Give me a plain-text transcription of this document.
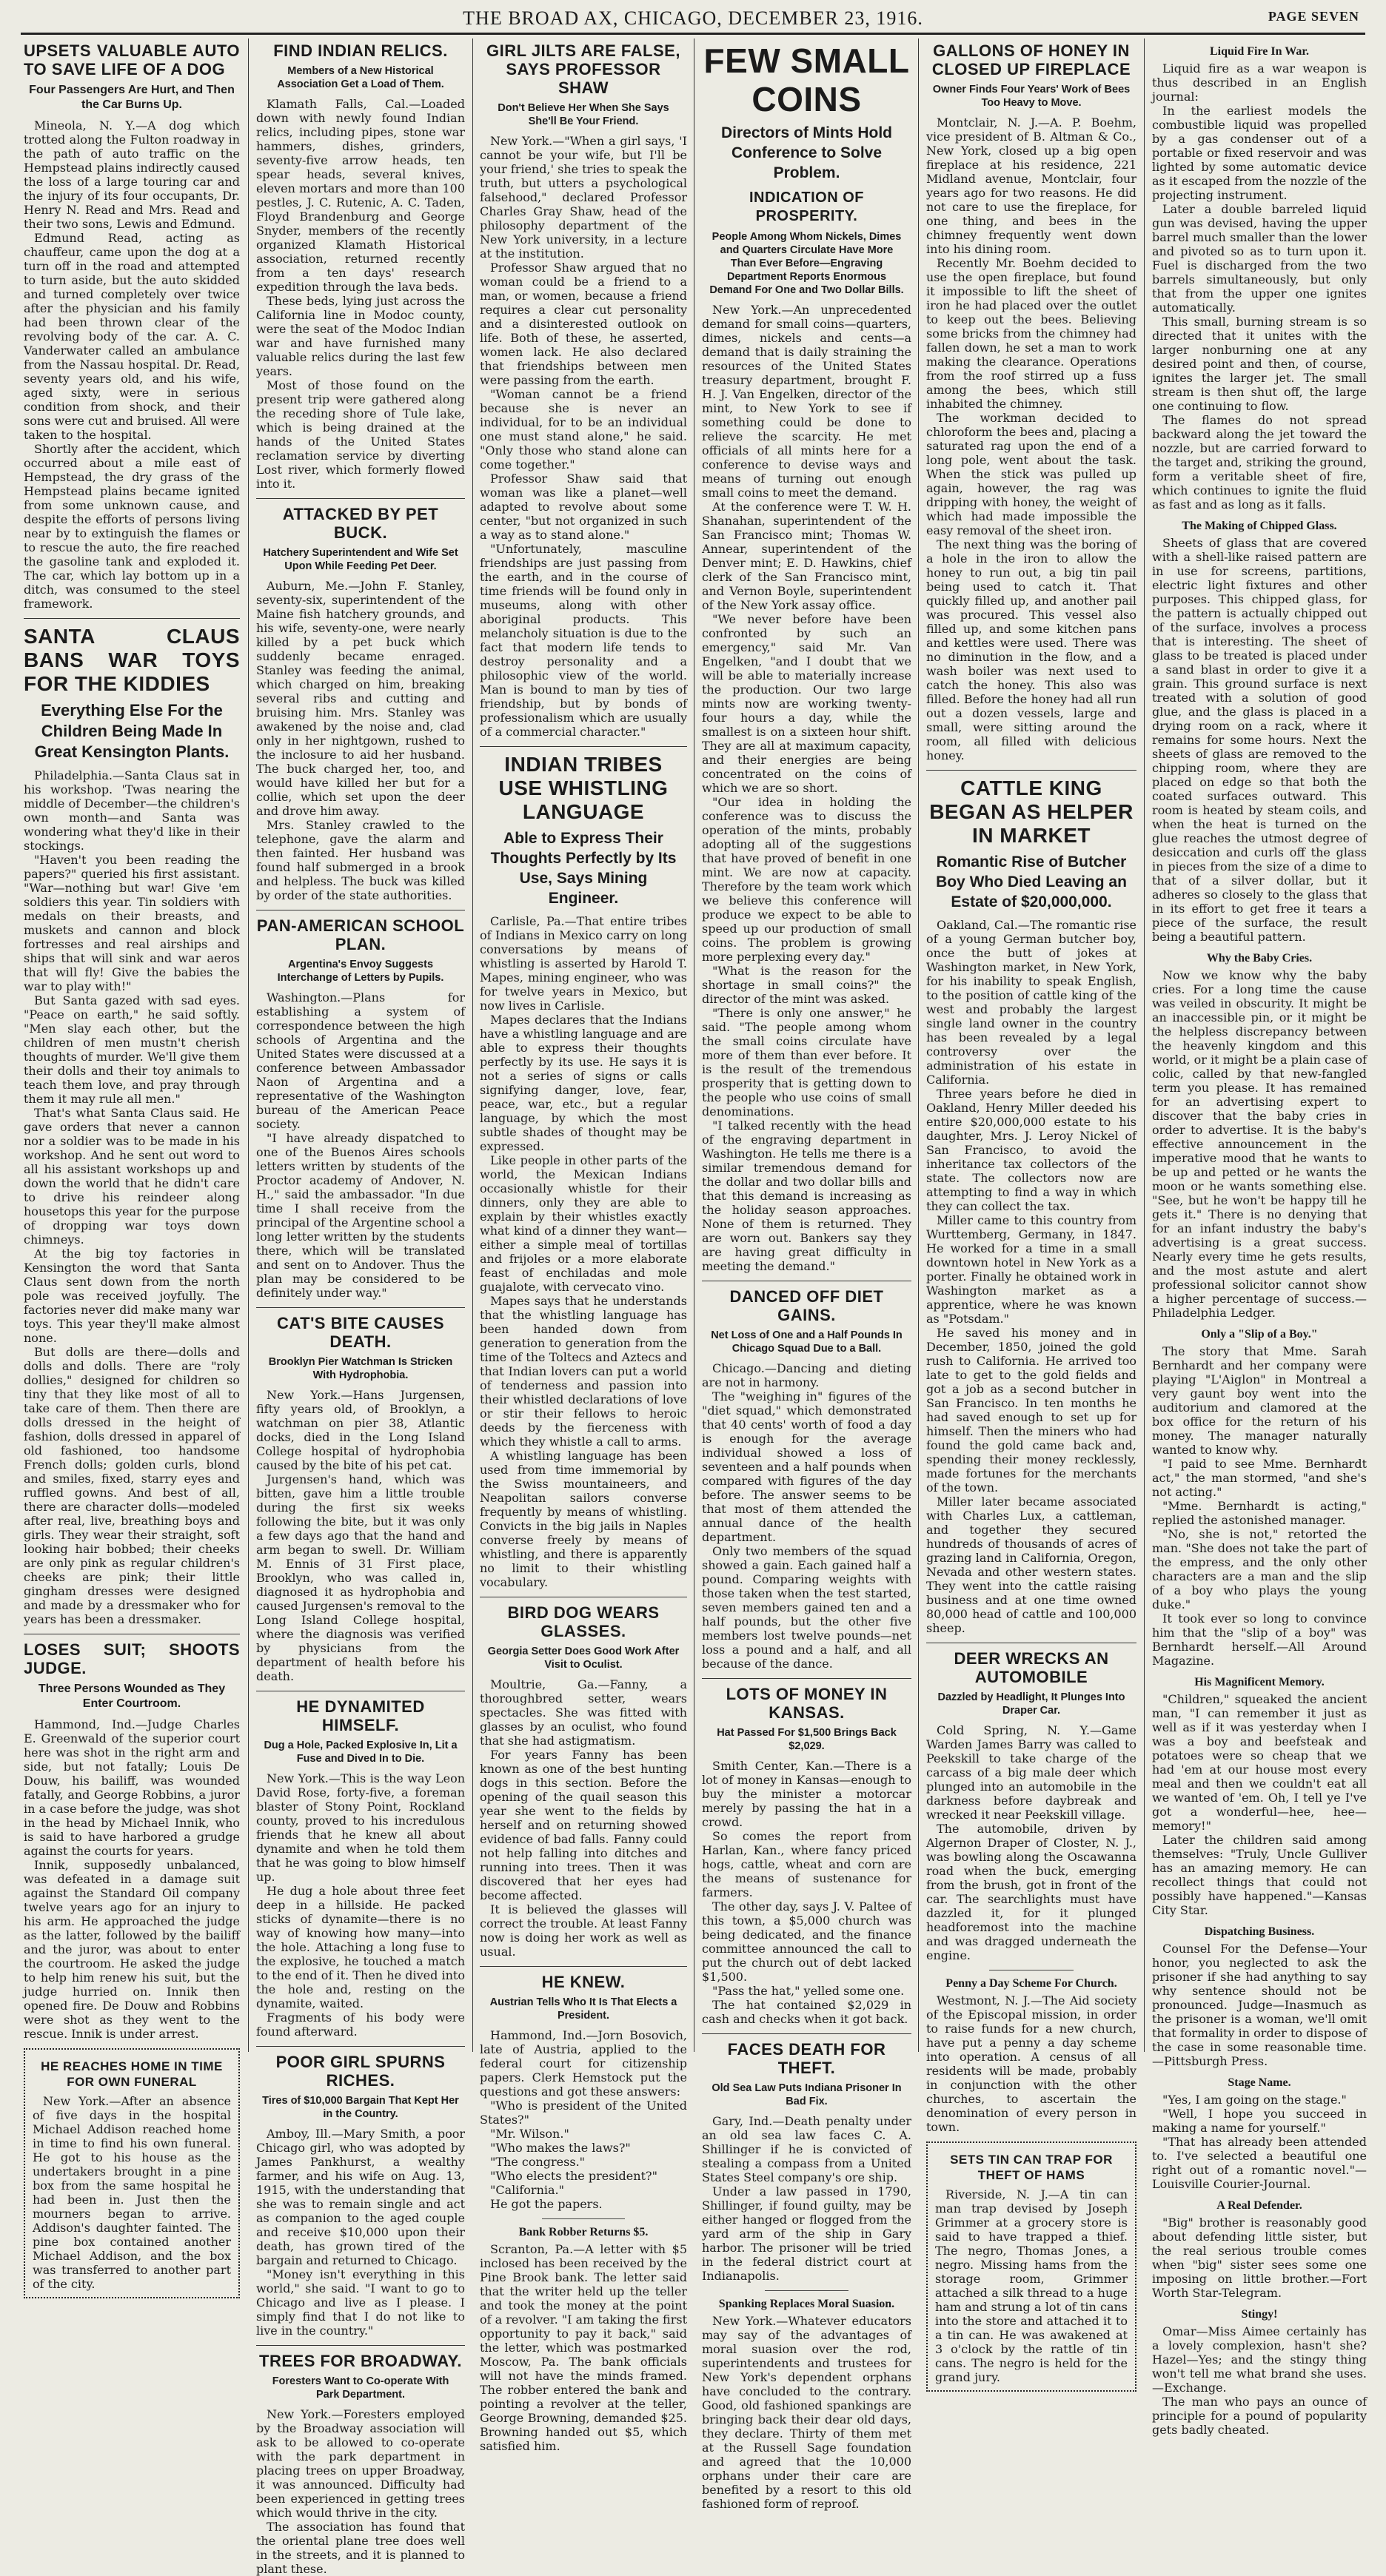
THE BROAD AX, CHICAGO, DECEMBER 23, 1916.	PAGE SEVEN
UPSETS VALUABLE AUTO TO SAVE LIFE OF A DOG
Four Passengers Are Hurt, and Then the Car Burns Up.

Mineola, N. Y.—A dog which trotted along the Fulton roadway in the path of auto traffic on the Hempstead plains indirectly caused the loss of a large touring car and the injury of its four occupants, Dr. Henry N. Read and Mrs. Read and their two sons, Lewis and Edmund.

Edmund Read, acting as chauffeur, came upon the dog at a turn off in the road and attempted to turn aside, but the auto skidded and turned completely over twice after the physician and his family had been thrown clear of the revolving body of the car. A. C. Vanderwater called an ambulance from the Nassau hospital. Dr. Read, seventy years old, and his wife, aged sixty, were in serious condition from shock, and their sons were cut and bruised. All were taken to the hospital.

Shortly after the accident, which occurred about a mile east of Hempstead, the dry grass of the Hempstead plains became ignited from some unknown cause, and despite the efforts of persons living near by to extinguish the flames or to rescue the auto, the fire reached the gasoline tank and exploded it. The car, which lay bottom up in a ditch, was consumed to the steel framework.

SANTA CLAUS BANS WAR TOYS FOR THE KIDDIES
Everything Else For the Children Being Made In Great Kensington Plants.

Philadelphia.—Santa Claus sat in his workshop. 'Twas nearing the middle of December—the children's own month—and Santa was wondering what they'd like in their stockings.

"Haven't you been reading the papers?" queried his first assistant. "War—nothing but war! Give 'em soldiers this year. Tin soldiers with medals on their breasts, and muskets and cannon and block fortresses and real airships and ships that will sink and war aeros that will fly! Give the babies the war to play with!"

But Santa gazed with sad eyes. "Peace on earth," he said softly. "Men slay each other, but the children of men mustn't cherish thoughts of murder. We'll give them their dolls and their toy animals to teach them love, and pray through them it may rule all men."

That's what Santa Claus said. He gave orders that never a cannon nor a soldier was to be made in his workshop. And he sent out word to all his assistant workshops up and down the world that he didn't care to drive his reindeer along housetops this year for the purpose of dropping war toys down chimneys.

At the big toy factories in Kensington the word that Santa Claus sent down from the north pole was received joyfully. The factories never did make many war toys. This year they'll make almost none.

But dolls are there—dolls and dolls and dolls. There are "roly dollies," designed for children so tiny that they like most of all to take care of them. Then there are dolls dressed in the height of fashion, dolls dressed in apparel of old fashioned, too handsome French dolls; golden curls, blond and smiles, fixed, starry eyes and ruffled gowns. And best of all, there are character dolls—modeled after real, live, breathing boys and girls. They wear their straight, soft looking hair bobbed; their cheeks are only pink as regular children's cheeks are pink; their little gingham dresses were designed and made by a dressmaker who for years has been a dressmaker.

LOSES SUIT; SHOOTS JUDGE.
Three Persons Wounded as They Enter Courtroom.

Hammond, Ind.—Judge Charles E. Greenwald of the superior court here was shot in the right arm and side, but not fatally; Louis De Douw, his bailiff, was wounded fatally, and George Robbins, a juror in a case before the judge, was shot in the head by Michael Innik, who is said to have harbored a grudge against the courts for years.

Innik, supposedly unbalanced, was defeated in a damage suit against the Standard Oil company twelve years ago for an injury to his arm. He approached the judge as the latter, followed by the bailiff and the juror, was about to enter the courtroom. He asked the judge to help him renew his suit, but the judge hurried on. Innik then opened fire. De Douw and Robbins were shot as they went to the rescue. Innik is under arrest.

HE REACHES HOME IN TIME FOR OWN FUNERAL

New York.—After an absence of five days in the hospital Michael Addison reached home in time to find his own funeral. He got to his house as the undertakers brought in a pine box from the same hospital he had been in. Just then the mourners began to arrive. Addison's daughter fainted. The pine box contained another Michael Addison, and the box was transferred to another part of the city.

FIND INDIAN RELICS.
Members of a New Historical Association Get a Load of Them.

Klamath Falls, Cal.—Loaded down with newly found Indian relics, including pipes, stone war hammers, dishes, grinders, seventy-five arrow heads, ten spear heads, several knives, eleven mortars and more than 100 pestles, J. C. Rutenic, A. C. Taden, Floyd Brandenburg and George Snyder, members of the recently organized Klamath Historical association, returned recently from a ten days' research expedition through the lava beds.

These beds, lying just across the California line in Modoc county, were the seat of the Modoc Indian war and have furnished many valuable relics during the last few years.

Most of those found on the present trip were gathered along the receding shore of Tule lake, which is being drained at the hands of the United States reclamation service by diverting Lost river, which formerly flowed into it.

ATTACKED BY PET BUCK.
Hatchery Superintendent and Wife Set Upon While Feeding Pet Deer.

Auburn, Me.—John F. Stanley, seventy-six, superintendent of the Maine fish hatchery grounds, and his wife, seventy-one, were nearly killed by a pet buck which suddenly became enraged. Stanley was feeding the animal, which charged on him, breaking several ribs and cutting and bruising him. Mrs. Stanley was awakened by the noise and, clad only in her nightgown, rushed to the inclosure to aid her husband. The buck charged her, too, and would have killed her but for a collie, which set upon the deer and drove him away.

Mrs. Stanley crawled to the telephone, gave the alarm and then fainted. Her husband was found half submerged in a brook and helpless. The buck was killed by order of the state authorities.

PAN-AMERICAN SCHOOL PLAN.
Argentina's Envoy Suggests Interchange of Letters by Pupils.

Washington.—Plans for establishing a system of correspondence between the high schools of Argentina and the United States were discussed at a conference between Ambassador Naon of Argentina and a representative of the Washington bureau of the American Peace society.

"I have already dispatched to one of the Buenos Aires schools letters written by students of the Proctor academy of Andover, N. H.," said the ambassador. "In due time I shall receive from the principal of the Argentine school a long letter written by the students there, which will be translated and sent on to Andover. Thus the plan may be considered to be definitely under way."

CAT'S BITE CAUSES DEATH.
Brooklyn Pier Watchman Is Stricken With Hydrophobia.

New York.—Hans Jurgensen, fifty years old, of Brooklyn, a watchman on pier 38, Atlantic docks, died in the Long Island College hospital of hydrophobia caused by the bite of his pet cat.

Jurgensen's hand, which was bitten, gave him a little trouble during the first six weeks following the bite, but it was only a few days ago that the hand and arm began to swell. Dr. William M. Ennis of 31 First place, Brooklyn, who was called in, diagnosed it as hydrophobia and caused Jurgensen's removal to the Long Island College hospital, where the diagnosis was verified by physicians from the department of health before his death.

HE DYNAMITED HIMSELF.
Dug a Hole, Packed Explosive In, Lit a Fuse and Dived In to Die.

New York.—This is the way Leon David Rose, forty-five, a foreman blaster of Stony Point, Rockland county, proved to his incredulous friends that he knew all about dynamite and when he told them that he was going to blow himself up.

He dug a hole about three feet deep in a hillside. He packed sticks of dynamite—there is no way of knowing how many—into the hole. Attaching a long fuse to the explosive, he touched a match to the end of it. Then he dived into the hole and, resting on the dynamite, waited.

Fragments of his body were found afterward.

POOR GIRL SPURNS RICHES.
Tires of $10,000 Bargain That Kept Her in the Country.

Amboy, Ill.—Mary Smith, a poor Chicago girl, who was adopted by James Pankhurst, a wealthy farmer, and his wife on Aug. 13, 1915, with the understanding that she was to remain single and act as companion to the aged couple and receive $10,000 upon their death, has grown tired of the bargain and returned to Chicago.

"Money isn't everything in this world," she said. "I want to go to Chicago and live as I please. I simply find that I do not like to live in the country."

TREES FOR BROADWAY.
Foresters Want to Co-operate With Park Department.

New York.—Foresters employed by the Broadway association will ask to be allowed to co-operate with the park department in placing trees on upper Broadway, it was announced. Difficulty had been experienced in getting trees which would thrive in the city.

The association has found that the oriental plane tree does well in the streets, and it is planned to plant these.

GIRL JILTS ARE FALSE, SAYS PROFESSOR SHAW
Don't Believe Her When She Says She'll Be Your Friend.

New York.—"When a girl says, 'I cannot be your wife, but I'll be your friend,' she tries to speak the truth, but utters a psychological falsehood," declared Professor Charles Gray Shaw, head of the philosophy department of the New York university, in a lecture at the institution.

Professor Shaw argued that no woman could be a friend to a man, or women, because a friend requires a clear cut personality and a disinterested outlook on life. Both of these, he asserted, women lack. He also declared that friendships between men were passing from the earth.

"Woman cannot be a friend because she is never an individual, for to be an individual one must stand alone," he said. "Only those who stand alone can come together."

Professor Shaw said that woman was like a planet—well adapted to revolve about some center, "but not organized in such a way as to stand alone."

"Unfortunately, masculine friendships are just passing from the earth, and in the course of time friends will be found only in museums, along with other aboriginal products. This melancholy situation is due to the fact that modern life tends to destroy personality and a philosophic view of the world. Man is bound to man by ties of friendship, but by bonds of professionalism which are usually of a commercial character."

INDIAN TRIBES USE WHISTLING LANGUAGE
Able to Express Their Thoughts Perfectly by Its Use, Says Mining Engineer.

Carlisle, Pa.—That entire tribes of Indians in Mexico carry on long conversations by means of whistling is asserted by Harold T. Mapes, mining engineer, who was for twelve years in Mexico, but now lives in Carlisle.

Mapes declares that the Indians have a whistling language and are able to express their thoughts perfectly by its use. He says it is not a series of signs or calls signifying danger, love, fear, peace, war, etc., but a regular language, by which the most subtle shades of thought may be expressed.

Like people in other parts of the world, the Mexican Indians occasionally whistle for their dinners, only they are able to explain by their whistles exactly what kind of a dinner they want—either a simple meal of tortillas and frijoles or a more elaborate feast of enchiladas and mole guajalote, with cervecato vino.

Mapes says that he understands that the whistling language has been handed down from generation to generation from the time of the Toltecs and Aztecs and that Indian lovers can put a world of tenderness and passion into their whistled declarations of love or stir their fellows to heroic deeds by the fierceness with which they whistle a call to arms.

A whistling language has been used from time immemorial by the Swiss mountaineers, and Neapolitan sailors converse frequently by means of whistling. Convicts in the big jails in Naples converse freely by means of whistling, and there is apparently no limit to their whistling vocabulary.

BIRD DOG WEARS GLASSES.
Georgia Setter Does Good Work After Visit to Oculist.

Moultrie, Ga.—Fanny, a thoroughbred setter, wears spectacles. She was fitted with glasses by an oculist, who found that she had astigmatism.

For years Fanny has been known as one of the best hunting dogs in this section. Before the opening of the quail season this year she went to the fields by herself and on returning showed evidence of bad falls. Fanny could not help falling into ditches and running into trees. Then it was discovered that her eyes had become affected.

It is believed the glasses will correct the trouble. At least Fanny now is doing her work as well as usual.

HE KNEW.
Austrian Tells Who It Is That Elects a President.

Hammond, Ind.—Jorn Bosovich, late of Austria, applied to the federal court for citizenship papers. Clerk Hemstock put the questions and got these answers:

"Who is president of the United States?"

"Mr. Wilson."

"Who makes the laws?"

"The congress."

"Who elects the president?"

"California."

He got the papers.

Bank Robber Returns $5.

Scranton, Pa.—A letter with $5 inclosed has been received by the Pine Brook bank. The letter said that the writer held up the teller and took the money at the point of a revolver. "I am taking the first opportunity to pay it back," said the letter, which was postmarked Moscow, Pa. The bank officials will not have the minds framed. The robber entered the bank and pointing a revolver at the teller, George Browning, demanded $25. Browning handed out $5, which satisfied him.

FEW SMALL COINS
Directors of Mints Hold Conference to Solve Problem.
INDICATION OF PROSPERITY.
People Among Whom Nickels, Dimes and Quarters Circulate Have More Than Ever Before—Engraving Department Reports Enormous Demand For One and Two Dollar Bills.

New York.—An unprecedented demand for small coins—quarters, dimes, nickels and cents—a demand that is daily straining the resources of the United States treasury department, brought F. H. J. Van Engelken, director of the mint, to New York to see if something could be done to relieve the scarcity. He met officials of all mints here for a conference to devise ways and means of turning out enough small coins to meet the demand.

At the conference were T. W. H. Shanahan, superintendent of the San Francisco mint; Thomas W. Annear, superintendent of the Denver mint; E. D. Hawkins, chief clerk of the San Francisco mint, and Vernon Boyle, superintendent of the New York assay office.

"We never before have been confronted by such an emergency," said Mr. Van Engelken, "and I doubt that we will be able to materially increase the production. Our two large mints now are working twenty-four hours a day, while the smallest is on a sixteen hour shift. They are all at maximum capacity, and their energies are being concentrated on the coins of which we are so short.

"Our idea in holding the conference was to discuss the operation of the mints, probably adopting all of the suggestions that have proved of benefit in one mint. We are now at capacity. Therefore by the team work which we believe this conference will produce we expect to be able to speed up our production of small coins. The problem is growing more perplexing every day."

"What is the reason for the shortage in small coins?" the director of the mint was asked.

"There is only one answer," he said. "The people among whom the small coins circulate have more of them than ever before. It is the result of the tremendous prosperity that is getting down to the people who use coins of small denominations.

"I talked recently with the head of the engraving department in Washington. He tells me there is a similar tremendous demand for the dollar and two dollar bills and that this demand is increasing as the holiday season approaches. None of them is returned. They are worn out. Bankers say they are having great difficulty in meeting the demand."

DANCED OFF DIET GAINS.
Net Loss of One and a Half Pounds In Chicago Squad Due to a Ball.

Chicago.—Dancing and dieting are not in harmony.

The "weighing in" figures of the "diet squad," which demonstrated that 40 cents' worth of food a day is enough for the average individual showed a loss of seventeen and a half pounds when compared with figures of the day before. The answer seems to be that most of them attended the annual dance of the health department.

Only two members of the squad showed a gain. Each gained half a pound. Comparing weights with those taken when the test started, seven members gained ten and a half pounds, but the other five members lost twelve pounds—net loss a pound and a half, and all because of the dance.

LOTS OF MONEY IN KANSAS.
Hat Passed For $1,500 Brings Back $2,029.

Smith Center, Kan.—There is a lot of money in Kansas—enough to buy the minister a motorcar merely by passing the hat in a crowd.

So comes the report from Harlan, Kan., where fancy priced hogs, cattle, wheat and corn are the means of sustenance for farmers.

The other day, says J. V. Paltee of this town, a $5,000 church was being dedicated, and the finance committee announced the call to put the church out of debt lacked $1,500.

"Pass the hat," yelled some one.

The hat contained $2,029 in cash and checks when it got back.

FACES DEATH FOR THEFT.
Old Sea Law Puts Indiana Prisoner In Bad Fix.

Gary, Ind.—Death penalty under an old sea law faces C. A. Shillinger if he is convicted of stealing a compass from a United States Steel company's ore ship.

Under a law passed in 1790, Shillinger, if found guilty, may be either hanged or flogged from the yard arm of the ship in Gary harbor. The prisoner will be tried in the federal district court at Indianapolis.

Spanking Replaces Moral Suasion.

New York.—Whatever educators may say of the advantages of moral suasion over the rod, superintendents and trustees for New York's dependent orphans have concluded to the contrary. Good, old fashioned spankings are bringing back their dear old days, they declare. Thirty of them met at the Russell Sage foundation and agreed that the 10,000 orphans under their care are benefited by a resort to this old fashioned form of reproof.

GALLONS OF HONEY IN CLOSED UP FIREPLACE
Owner Finds Four Years' Work of Bees Too Heavy to Move.

Montclair, N. J.—A. P. Boehm, vice president of B. Altman & Co., New York, closed up a big open fireplace at his residence, 221 Midland avenue, Montclair, four years ago for two reasons. He did not care to use the fireplace, for one thing, and bees in the chimney frequently went down into his dining room.

Recently Mr. Boehm decided to use the open fireplace, but found it impossible to lift the sheet of iron he had placed over the outlet to keep out the bees. Believing some bricks from the chimney had fallen down, he set a man to work making the clearance. Operations from the roof stirred up a fuss among the bees, which still inhabited the chimney.

The workman decided to chloroform the bees and, placing a saturated rag upon the end of a long pole, went about the task. When the stick was pulled up again, however, the rag was dripping with honey, the weight of which had made impossible the easy removal of the sheet iron.

The next thing was the boring of a hole in the iron to allow the honey to run out, a big tin pail being used to catch it. That quickly filled up, and another pail was procured. This vessel also filled up, and some kitchen pans and kettles were used. There was no diminution in the flow, and a wash boiler was next used to catch the honey. This also was filled. Before the honey had all run out a dozen vessels, large and small, were sitting around the room, all filled with delicious honey.

CATTLE KING BEGAN AS HELPER IN MARKET
Romantic Rise of Butcher Boy Who Died Leaving an Estate of $20,000,000.

Oakland, Cal.—The romantic rise of a young German butcher boy, once the butt of jokes at Washington market, in New York, for his inability to speak English, to the position of cattle king of the west and probably the largest single land owner in the country has been revealed by a legal controversy over the administration of his estate in California.

Three years before he died in Oakland, Henry Miller deeded his entire $20,000,000 estate to his daughter, Mrs. J. Leroy Nickel of San Francisco, to avoid the inheritance tax collectors of the state. The collectors now are attempting to find a way in which they can collect the tax.

Miller came to this country from Wurttemberg, Germany, in 1847. He worked for a time in a small downtown hotel in New York as a porter. Finally he obtained work in Washington market as a apprentice, where he was known as "Potsdam."

He saved his money and in December, 1850, joined the gold rush to California. He arrived too late to get to the gold fields and got a job as a second butcher in San Francisco. In ten months he had saved enough to set up for himself. Then the miners who had found the gold came back and, spending their money recklessly, made fortunes for the merchants of the town.

Miller later became associated with Charles Lux, a cattleman, and together they secured hundreds of thousands of acres of grazing land in California, Oregon, Nevada and other western states. They went into the cattle raising business and at one time owned 80,000 head of cattle and 100,000 sheep.

DEER WRECKS AN AUTOMOBILE
Dazzled by Headlight, It Plunges Into Draper Car.

Cold Spring, N. Y.—Game Warden James Barry was called to Peekskill to take charge of the carcass of a big male deer which plunged into an automobile in the darkness before daybreak and wrecked it near Peekskill village.

The automobile, driven by Algernon Draper of Closter, N. J., was bowling along the Oscawanna road when the buck, emerging from the brush, got in front of the car. The searchlights must have dazzled it, for it plunged headforemost into the machine and was dragged underneath the engine.

Penny a Day Scheme For Church.

Westmont, N. J.—The Aid society of the Episcopal mission, in order to raise funds for a new church, have put a penny a day scheme into operation. A census of all residents will be made, probably in conjunction with the other churches, to ascertain the denomination of every person in town.

SETS TIN CAN TRAP FOR THEFT OF HAMS

Riverside, N. J.—A tin can man trap devised by Joseph Grimmer at a grocery store is said to have trapped a thief. The negro, Thomas Jones, a negro. Missing hams from the storage room, Grimmer attached a silk thread to a huge ham and strung a lot of tin cans into the store and attached it to a tin can. He was awakened at 3 o'clock by the rattle of tin cans. The negro is held for the grand jury.

Liquid Fire In War.

Liquid fire as a war weapon is thus described in an English journal:

In the earliest models the combustible liquid was propelled by a gas condenser out of a portable or fixed reservoir and was lighted by some automatic device as it escaped from the nozzle of the projecting instrument.

Later a double barreled liquid gun was devised, having the upper barrel much smaller than the lower and pivoted so as to turn upon it. Fuel is discharged from the two barrels simultaneously, but only that from the upper one ignites automatically.

This small, burning stream is so directed that it unites with the larger nonburning one at any desired point and then, of course, ignites the larger jet. The small stream is then shut off, the large one continuing to flow.

The flames do not spread backward along the jet toward the nozzle, but are carried forward to the target and, striking the ground, form a veritable sheet of fire, which continues to ignite the fluid as fast and as long as it falls.

The Making of Chipped Glass.

Sheets of glass that are covered with a shell-like raised pattern are in use for screens, partitions, electric light fixtures and other purposes. This chipped glass, for the pattern is actually chipped out of the surface, involves a process that is interesting. The sheet of glass to be treated is placed under a sand blast in order to give it a grain. This ground surface is next treated with a solution of good glue, and the glass is placed in a drying room on a rack, where it remains for some hours. Next the sheets of glass are removed to the chipping room, where they are placed on edge so that both the coated surfaces outward. This room is heated by steam coils, and when the heat is turned on the glue reaches the utmost degree of desiccation and curls off the glass in pieces from the size of a dime to that of a silver dollar, but it adheres so closely to the glass that in its effort to get free it tears a piece of the surface, the result being a beautiful pattern.

Why the Baby Cries.

Now we know why the baby cries. For a long time the cause was veiled in obscurity. It might be an inaccessible pin, or it might be the helpless discrepancy between the heavenly kingdom and this world, or it might be a plain case of colic, called by that new-fangled term you please. It has remained for an advertising expert to discover that the baby cries in order to advertise. It is the baby's effective announcement in the imperative mood that he wants to be up and petted or he wants the moon or he wants something else. "See, but he won't be happy till he gets it." There is no denying that for an infant industry the baby's advertising is a great success. Nearly every time he gets results, and the most astute and alert professional solicitor cannot show a higher percentage of success.—Philadelphia Ledger.

Only a "Slip of a Boy."

The story that Mme. Sarah Bernhardt and her company were playing "L'Aiglon" in Montreal a very gaunt boy went into the auditorium and clamored at the box office for the return of his money. The manager naturally wanted to know why.

"I paid to see Mme. Bernhardt act," the man stormed, "and she's not acting."

"Mme. Bernhardt is acting," replied the astonished manager.

"No, she is not," retorted the man. "She does not take the part of the empress, and the only other characters are a man and the slip of a boy who plays the young duke."

It took ever so long to convince him that the "slip of a boy" was Bernhardt herself.—All Around Magazine.

His Magnificent Memory.

"Children," squeaked the ancient man, "I can remember it just as well as if it was yesterday when I was a boy and beefsteak and potatoes were so cheap that we had 'em at our house most every meal and then we couldn't eat all we wanted of 'em. Oh, I tell ye I've got a wonderful—hee, hee—memory!"

Later the children said among themselves: "Truly, Uncle Gulliver has an amazing memory. He can recollect things that could not possibly have happened."—Kansas City Star.

Dispatching Business.

Counsel For the Defense—Your honor, you neglected to ask the prisoner if she had anything to say why sentence should not be pronounced. Judge—Inasmuch as the prisoner is a woman, we'll omit that formality in order to dispose of the case in some reasonable time.—Pittsburgh Press.

Stage Name.

"Yes, I am going on the stage."

"Well, I hope you succeed in making a name for yourself."

"That has already been attended to. I've selected a beautiful one right out of a romantic novel."—Louisville Courier-Journal.

A Real Defender.

"Big" brother is reasonably good about defending little sister, but the real serious trouble comes when "big" sister sees some one imposing on little brother.—Fort Worth Star-Telegram.

Stingy!

Omar—Miss Aimee certainly has a lovely complexion, hasn't she? Hazel—Yes; and the stingy thing won't tell me what brand she uses.—Exchange.

The man who pays an ounce of principle for a pound of popularity gets badly cheated.
